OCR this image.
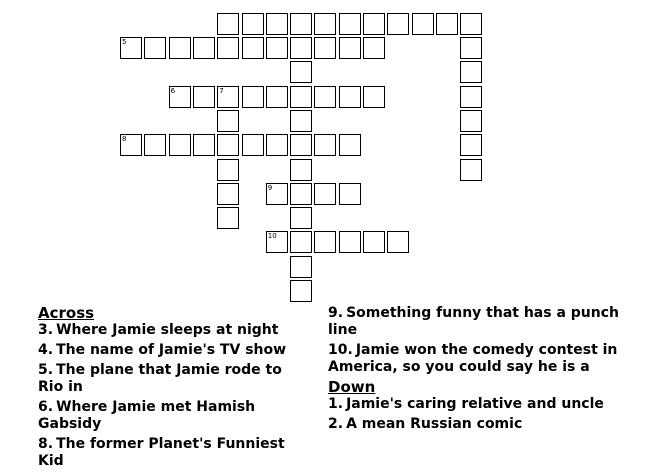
5
6	7
8
9
10
Across
3. Where Jamie sleeps at night
4. The name of Jamie's TV show
5. The plane that Jamie rode to Rio in
6. Where Jamie met Hamish Gabsidy
8. The former Planet's Funniest Kid
9. Something funny that has a punch line
10. Jamie won the comedy contest in America, so you could say he is a
Down
1. Jamie's caring relative and uncle
2. A mean Russian comic
